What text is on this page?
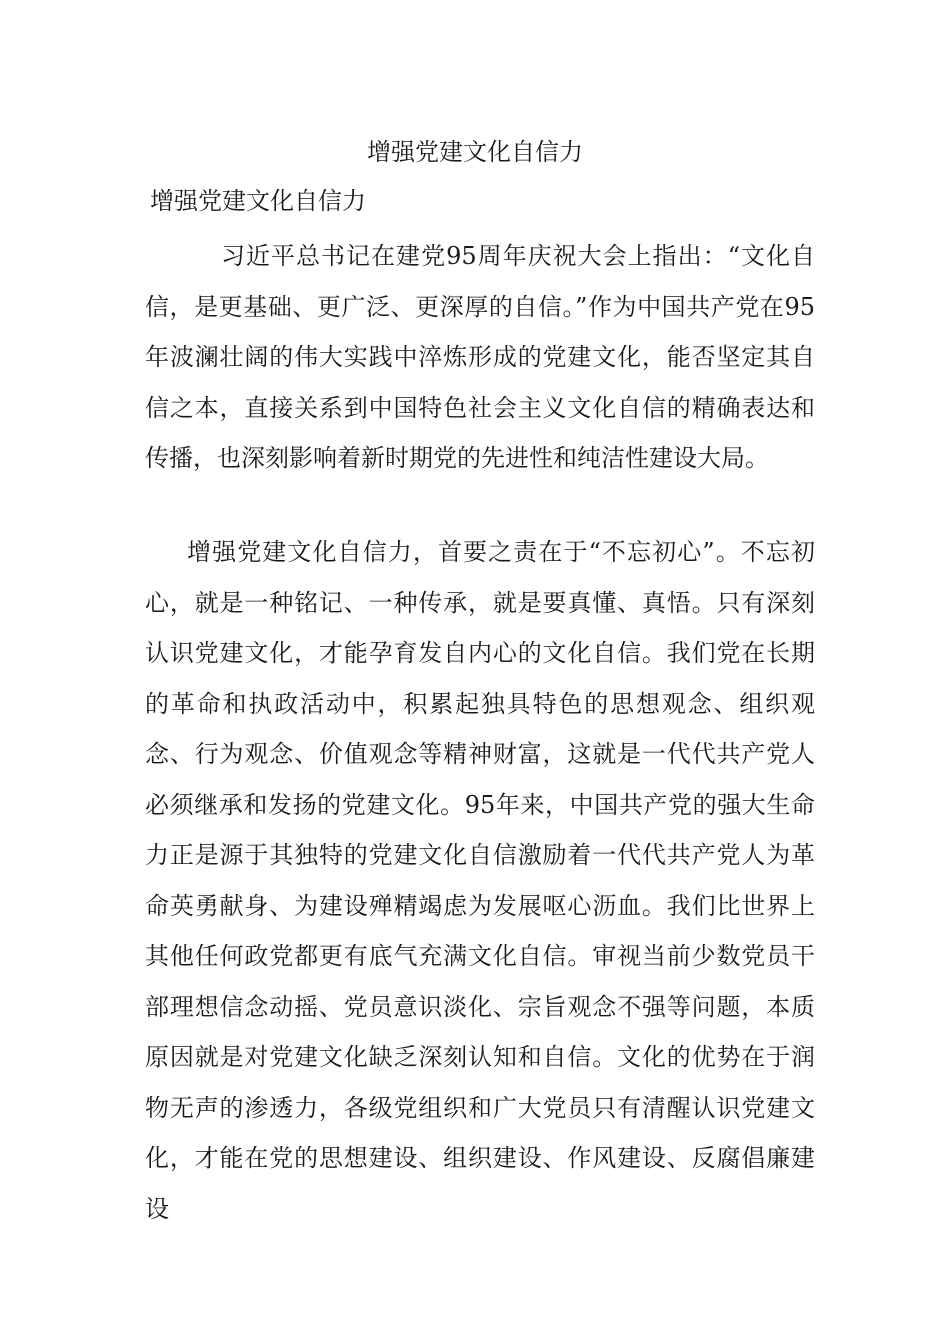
增强党建文化自信力
增强党建文化自信力
习近平总书记在建党95周年庆祝大会上指出：“文化自信，是更基础、更广泛、更深厚的自信。”作为中国共产党在95年波澜壮阔的伟大实践中淬炼形成的党建文化，能否坚定其自信之本，直接关系到中国特色社会主义文化自信的精确表达和传播，也深刻影响着新时期党的先进性和纯洁性建设大局。
增强党建文化自信力，首要之责在于“不忘初心”。不忘初心，就是一种铭记、一种传承，就是要真懂、真悟。只有深刻认识党建文化，才能孕育发自内心的文化自信。我们党在长期的革命和执政活动中，积累起独具特色的思想观念、组织观念、行为观念、价值观念等精神财富，这就是一代代共产党人必须继承和发扬的党建文化。95年来，中国共产党的强大生命力正是源于其独特的党建文化自信激励着一代代共产党人为革命英勇献身、为建设殚精竭虑为发展呕心沥血。我们比世界上其他任何政党都更有底气充满文化自信。审视当前少数党员干部理想信念动摇、党员意识淡化、宗旨观念不强等问题，本质原因就是对党建文化缺乏深刻认知和自信。文化的优势在于润物无声的渗透力，各级党组织和广大党员只有清醒认识党建文化，才能在党的思想建设、组织建设、作风建设、反腐倡廉建设
